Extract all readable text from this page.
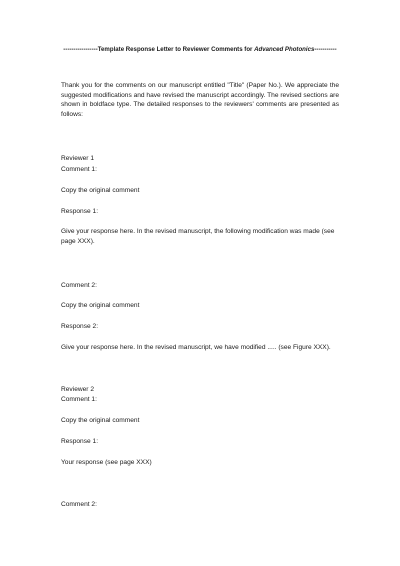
-----------------Template Response Letter to Reviewer Comments for Advanced Photonics-----------
Thank you for the comments on our manuscript entitled "Title" (Paper No.). We appreciate the suggested modifications and have revised the manuscript accordingly. The revised sections are shown in boldface type. The detailed responses to the reviewers' comments are presented as follows:
Reviewer 1
Comment 1:
Copy the original comment
Response 1:
Give your response here. In the revised manuscript, the following modification was made (see page XXX).
Comment 2:
Copy the original comment
Response 2:
Give your response here. In the revised manuscript, we have modified ..... (see Figure XXX).
Reviewer 2
Comment 1:
Copy the original comment
Response 1:
Your response (see page XXX)
Comment 2:
